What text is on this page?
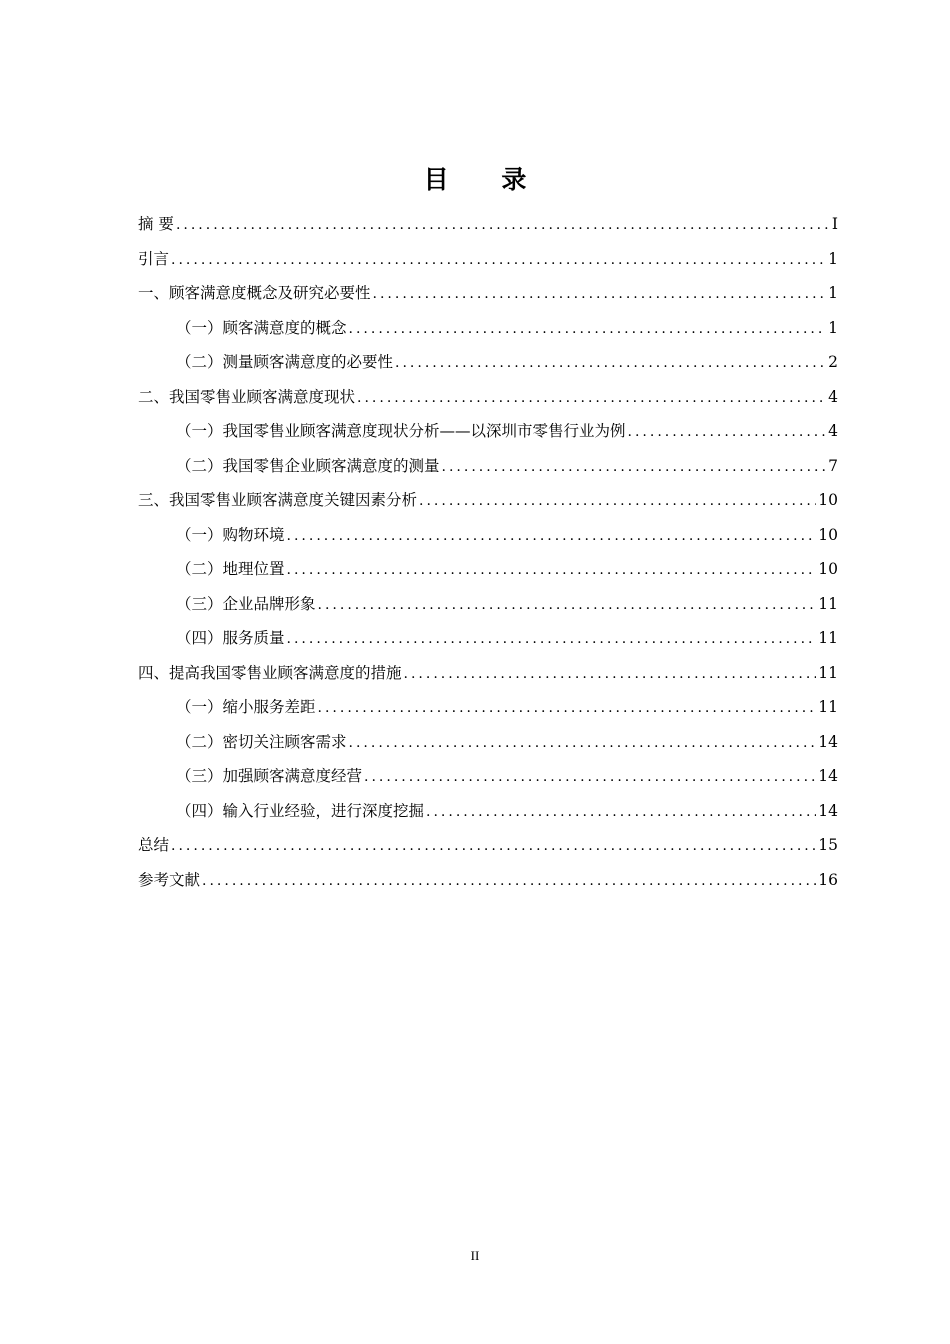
目 录
摘 要 .....	I
引言 .....	1
一、顾客满意度概念及研究必要性 .....	1
（一）顾客满意度的概念 .....	1
（二）测量顾客满意度的必要性 .....	2
二、我国零售业顾客满意度现状 .....	4
（一）我国零售业顾客满意度现状分析——以深圳市零售行业为例 .....	4
（二）我国零售企业顾客满意度的测量 .....	7
三、我国零售业顾客满意度关键因素分析 .....	10
（一）购物环境 .....	10
（二）地理位置 .....	10
（三）企业品牌形象 .....	11
（四）服务质量 .....	11
四、提高我国零售业顾客满意度的措施 .....	11
（一）缩小服务差距 .....	11
（二）密切关注顾客需求 .....	14
（三）加强顾客满意度经营 .....	14
（四）输入行业经验，进行深度挖掘 .....	14
总结 .....	15
参考文献 .....	16
II
